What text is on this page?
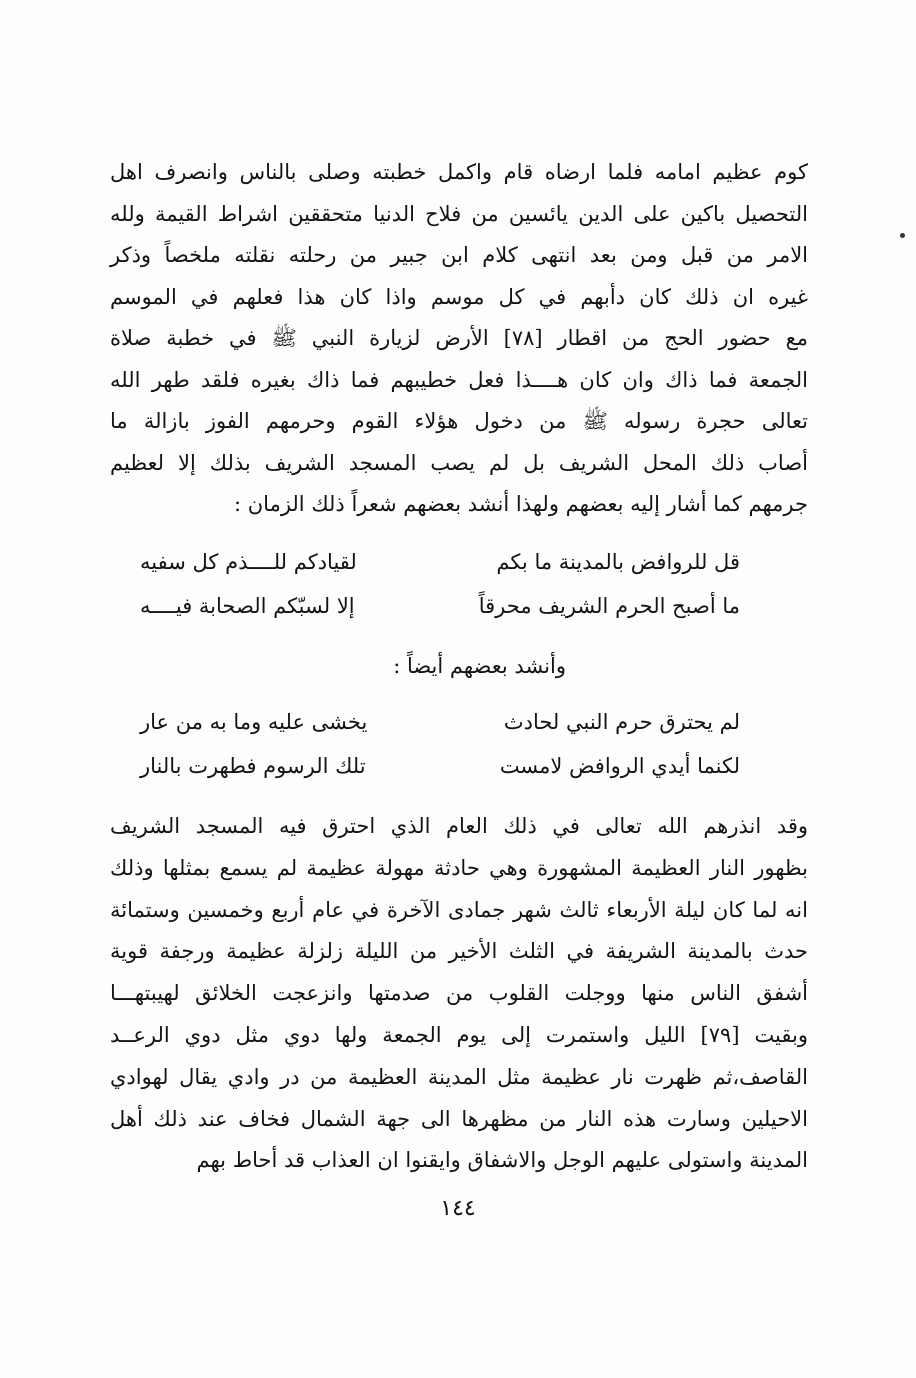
كوم عظيم امامه فلما ارضاه قام واكمل خطبته وصلى بالناس وانصرف اهل
التحصيل باكين على الدين يائسين من فلاح الدنيا متحققين اشراط القيمة ولله
الامر من قبل ومن بعد انتهى كلام ابن جبير من رحلته نقلته ملخصاً وذكر
غيره ان ذلك كان دأبهم في كل موسم واذا كان هذا فعلهم في الموسم
مع حضور الحج من اقطار [٧٨] الأرض لزيارة النبي ﷺ في خطبة صلاة
الجمعة فما ذاك وان كان هــــذا فعل خطيبهم فما ذاك بغيره فلقد طهر الله
تعالى حجرة رسوله ﷺ من دخول هؤلاء القوم وحرمهم الفوز بازالة ما
أصاب ذلك المحل الشريف بل لم يصب المسجد الشريف بذلك إلا لعظيم
جرمهم كما أشار إليه بعضهم ولهذا أنشد بعضهم شعراً ذلك الزمان :
قل للروافض بالمدينة ما بكم
لقيادكم للــــذم كل سفيه
ما أصبح الحرم الشريف محرقاً
إلا لسبّكم الصحابة فيــــه
وأنشد بعضهم أيضاً :
لم يحترق حرم النبي لحادث
يخشى عليه وما به من عار
لكنما أيدي الروافض لامست
تلك الرسوم فطهرت بالنار
وقد انذرهم الله تعالى في ذلك العام الذي احترق فيه المسجد الشريف
بظهور النار العظيمة المشهورة وهي حادثة مهولة عظيمة لم يسمع بمثلها وذلك
انه لما كان ليلة الأربعاء ثالث شهر جمادى الآخرة في عام أربع وخمسين وستمائة
حدث بالمدينة الشريفة في الثلث الأخير من الليلة زلزلة عظيمة ورجفة قوية
أشفق الناس منها ووجلت القلوب من صدمتها وانزعجت الخلائق لهيبتهـــا
وبقيت [٧٩] الليل واستمرت إلى يوم الجمعة ولها دوي مثل دوي الرعــد
القاصف،ثم ظهرت نار عظيمة مثل المدينة العظيمة من در وادي يقال لهوادي
الاحيلين وسارت هذه النار من مظهرها الى جهة الشمال فخاف عند ذلك أهل
المدينة واستولى عليهم الوجل والاشفاق وايقنوا ان العذاب قد أحاط بهم
١٤٤
